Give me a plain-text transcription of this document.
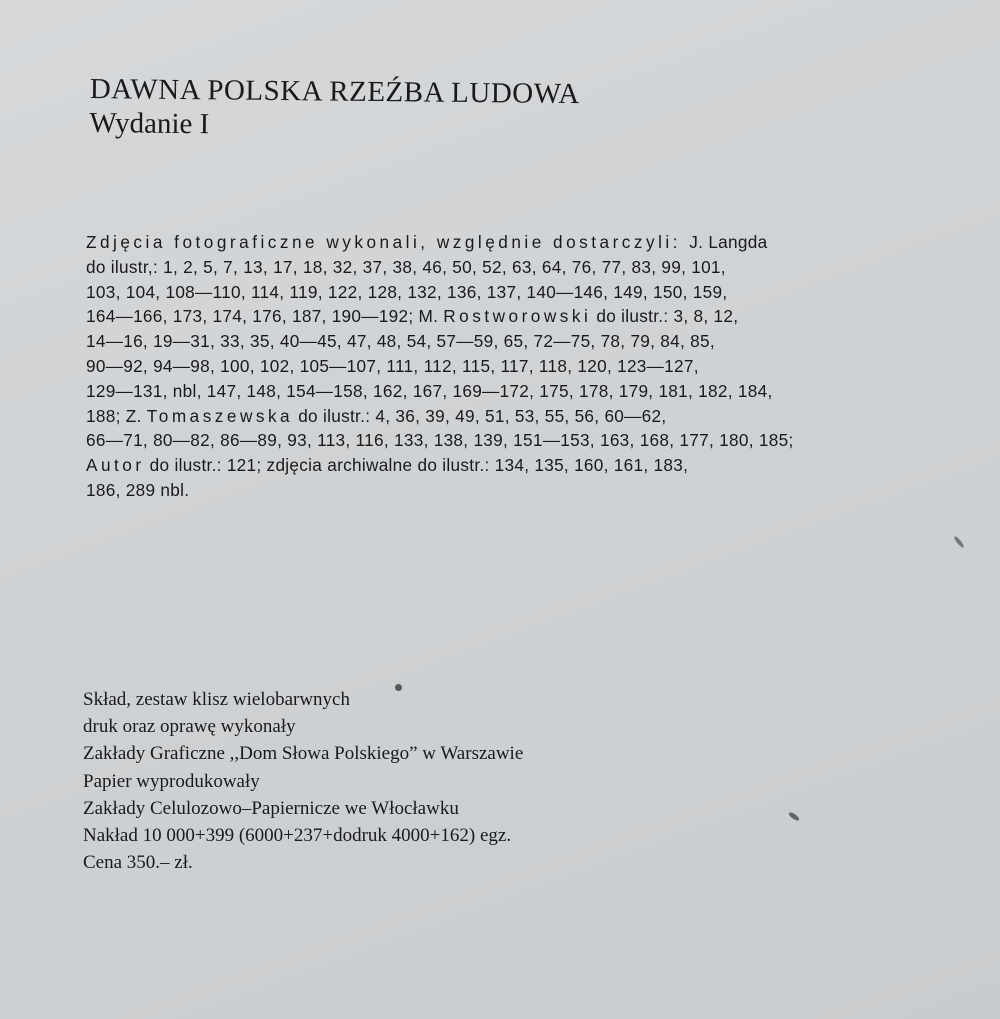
DAWNA POLSKA RZEŹBA LUDOWA
Wydanie I
Zdjęcia fotograficzne wykonali, względnie dostarczyli: J. Langda
do ilustr,: 1, 2, 5, 7, 13, 17, 18, 32, 37, 38, 46, 50, 52, 63, 64, 76, 77, 83, 99, 101,
103, 104, 108—110, 114, 119, 122, 128, 132, 136, 137, 140—146, 149, 150, 159,
164—166, 173, 174, 176, 187, 190—192; M. Rostworowski do ilustr.: 3, 8, 12,
14—16, 19—31, 33, 35, 40—45, 47, 48, 54, 57—59, 65, 72—75, 78, 79, 84, 85,
90—92, 94—98, 100, 102, 105—107, 111, 112, 115, 117, 118, 120, 123—127,
129—131, nbl, 147, 148, 154—158, 162, 167, 169—172, 175, 178, 179, 181, 182, 184,
188; Z. Tomaszewska do ilustr.: 4, 36, 39, 49, 51, 53, 55, 56, 60—62,
66—71, 80—82, 86—89, 93, 113, 116, 133, 138, 139, 151—153, 163, 168, 177, 180, 185;
Autor do ilustr.: 121; zdjęcia archiwalne do ilustr.: 134, 135, 160, 161, 183,
186, 289 nbl.
Skład, zestaw klisz wielobarwnych
druk oraz oprawę wykonały
Zakłady Graficzne ,,Dom Słowa Polskiego” w Warszawie
Papier wyprodukowały
Zakłady Celulozowo–Papiernicze we Włocławku
Nakład 10 000+399 (6000+237+dodruk 4000+162) egz.
Cena 350.– zł.
